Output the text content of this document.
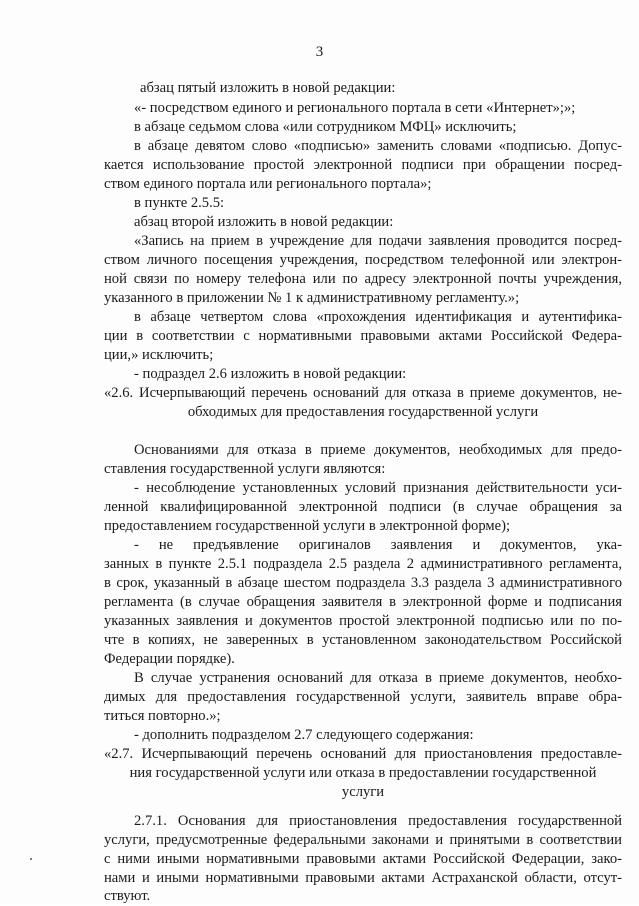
3
абзац пятый изложить в новой редакции:
«- посредством единого и регионального портала в сети «Интернет»;»;
в абзаце седьмом слова «или сотрудником МФЦ» исключить;
в абзаце девятом слово «подписью» заменить словами «подписью. Допус-
кается использование простой электронной подписи при обращении посред-
ством единого портала или регионального портала»;
в пункте 2.5.5:
абзац второй изложить в новой редакции:
«Запись на прием в учреждение для подачи заявления проводится посред-
ством личного посещения учреждения, посредством телефонной или электрон-
ной связи по номеру телефона или по адресу электронной почты учреждения,
указанного в приложении № 1 к административному регламенту.»;
в абзаце четвертом слова «прохождения идентификация и аутентифика-
ции в соответствии с нормативными правовыми актами Российской Федера-
ции,» исключить;
- подраздел 2.6 изложить в новой редакции:
«2.6. Исчерпывающий перечень оснований для отказа в приеме документов, не-
обходимых для предоставления государственной услуги
Основаниями для отказа в приеме документов, необходимых для предо-
ставления государственной услуги являются:
- несоблюдение установленных условий признания действительности уси-
ленной квалифицированной электронной подписи (в случае обращения за
предоставлением государственной услуги в электронной форме);
- не предъявление оригиналов заявления и документов, ука-
занных в пункте 2.5.1 подраздела 2.5 раздела 2 административного регламента,
в срок, указанный в абзаце шестом подраздела 3.3 раздела 3 административного
регламента (в случае обращения заявителя в электронной форме и подписания
указанных заявления и документов простой электронной подписью или по по-
чте в копиях, не заверенных в установленном законодательством Российской
Федерации порядке).
В случае устранения оснований для отказа в приеме документов, необхо-
димых для предоставления государственной услуги, заявитель вправе обра-
титься повторно.»;
- дополнить подразделом 2.7 следующего содержания:
«2.7. Исчерпывающий перечень оснований для приостановления предоставле-
ния государственной услуги или отказа в предоставлении государственной
услуги
2.7.1. Основания для приостановления предоставления государственной
услуги, предусмотренные федеральными законами и принятыми в соответствии
с ними иными нормативными правовыми актами Российской Федерации, зако-
нами и иными нормативными правовыми актами Астраханской области, отсут-
ствуют.
